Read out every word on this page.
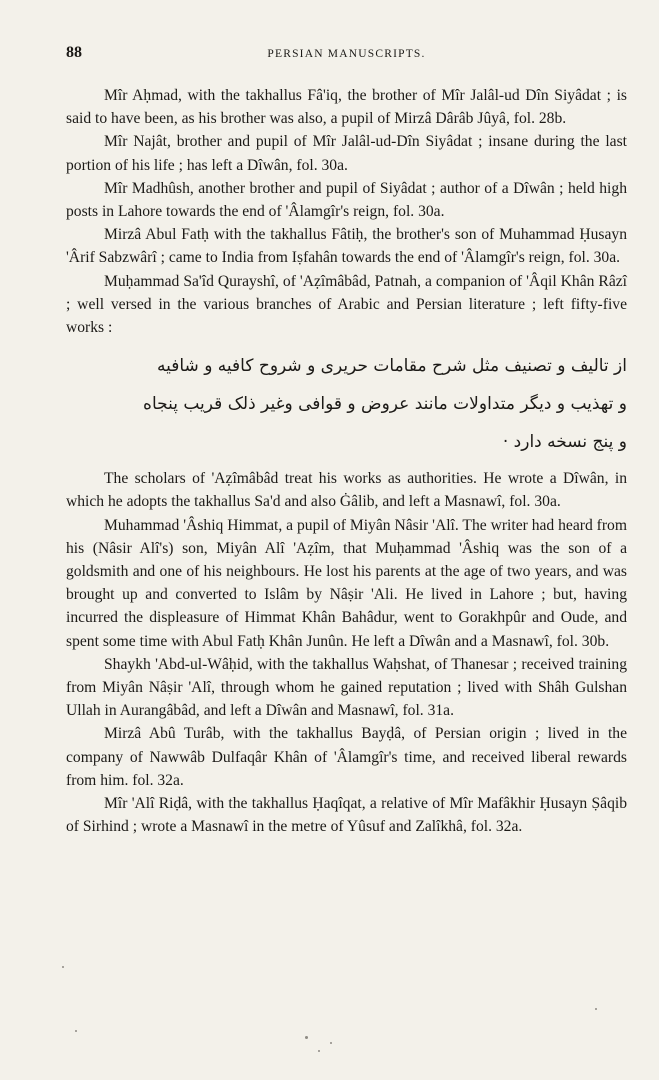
88	PERSIAN MANUSCRIPTS.

Mîr Aḥmad, with the takhallus Fâ'iq, the brother of Mîr Jalâl-ud Dîn Siyâdat ; is said to have been, as his brother was also, a pupil of Mirzâ Dârâb Jûyâ, fol. 28b.

Mîr Najât, brother and pupil of Mîr Jalâl-ud-Dîn Siyâdat ; insane during the last portion of his life ; has left a Dîwân, fol. 30a.

Mîr Madhûsh, another brother and pupil of Siyâdat ; author of a Dîwân ; held high posts in Lahore towards the end of 'Âlamgîr's reign, fol. 30a.

Mirzâ Abul Fatḥ with the takhallus Fâtiḥ, the brother's son of Muhammad Ḥusayn 'Ârif Sabzwârî ; came to India from Iṣfahân towards the end of 'Âlamgîr's reign, fol. 30a.

Muḥammad Sa'îd Qurayshî, of 'Aẓîmâbâd, Patnah, a companion of 'Âqil Khân Râzî ; well versed in the various branches of Arabic and Persian literature ; left fifty-five works :

از تالیف و تصنیف مثل شرح مقامات حریری و شروح کافیه و شافیه
و تهذیب و دیگر متداولات مانند عروض و قوافی وغیر ذلک قریب پنجاه
و پنج نسخه دارد ·

The scholars of 'Aẓîmâbâd treat his works as authorities. He wrote a Dîwân, in which he adopts the takhallus Sa'd and also Ġâlib, and left a Masnawî, fol. 30a.

Muhammad 'Âshiq Himmat, a pupil of Miyân Nâsir 'Alî. The writer had heard from his (Nâsir Alî's) son, Miyân Alî 'Aẓîm, that Muḥammad 'Âshiq was the son of a goldsmith and one of his neighbours. He lost his parents at the age of two years, and was brought up and converted to Islâm by Nâṣir 'Ali. He lived in Lahore ; but, having incurred the displeasure of Himmat Khân Bahâdur, went to Gorakhpûr and Oude, and spent some time with Abul Fatḥ Khân Junûn. He left a Dîwân and a Masnawî, fol. 30b.

Shaykh 'Abd-ul-Wâḥid, with the takhallus Waḥshat, of Thanesar ; received training from Miyân Nâṣir 'Alî, through whom he gained reputation ; lived with Shâh Gulshan Ullah in Aurangâbâd, and left a Dîwân and Masnawî, fol. 31a.

Mirzâ Abû Turâb, with the takhallus Bayḍâ, of Persian origin ; lived in the company of Nawwâb Dulfaqâr Khân of 'Âlamgîr's time, and received liberal rewards from him. fol. 32a.

Mîr 'Alî Riḍâ, with the takhallus Ḥaqîqat, a relative of Mîr Mafâkhir Ḥusayn Ṣâqib of Sirhind ; wrote a Masnawî in the metre of Yûsuf and Zalîkhâ, fol. 32a.
